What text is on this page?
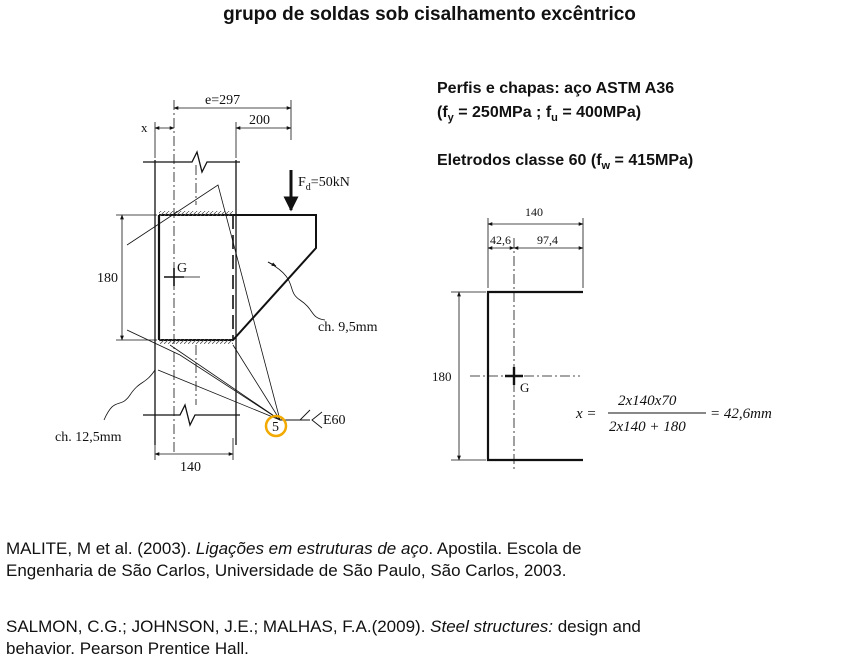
grupo de soldas sob cisalhamento excêntrico
Perfis e chapas: aço ASTM A36
($f_y = 250MPa$ ; $f_u = 400MPa$)
Eletrodos classe 60 $(f_w = 415MPa)$
e=297
x	200
$F_d=50kN$
180
G
ch. 9,5mm
ch. 12,5mm
5	E60
140
140
42,6 97,4
180
G
x =
2x140x70
2x140 + 180
= 42,6mm
MALITE, M et al. (2003). Ligações em estruturas de aço. Apostila. Escola de
Engenharia de São Carlos, Universidade de São Paulo, São Carlos, 2003.
SALMON, C.G.; JOHNSON, J.E.; MALHAS, F.A.(2009). Steel structures: design and
behavior. Pearson Prentice Hall.
